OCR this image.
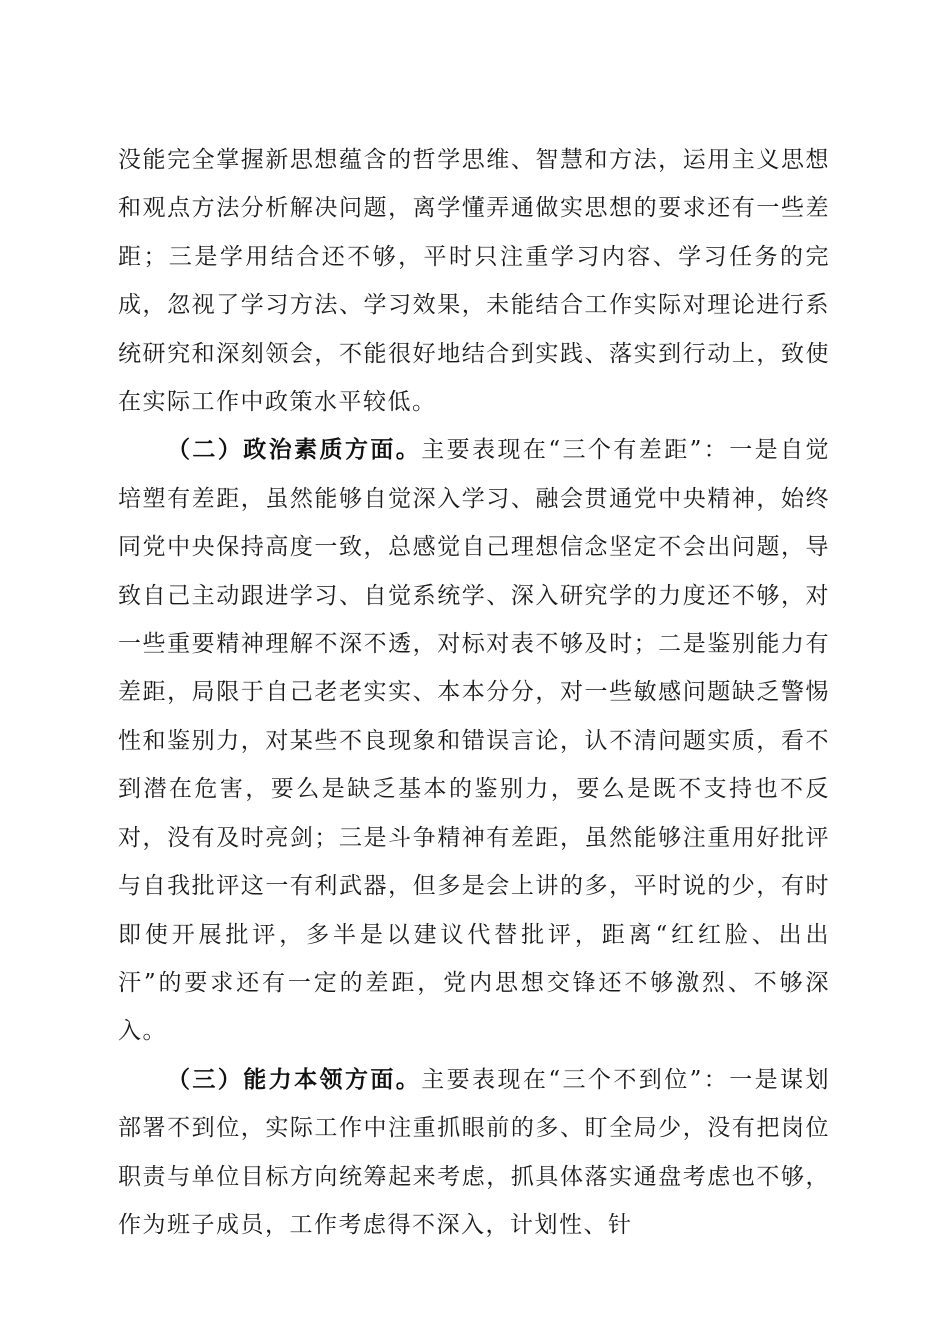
没能完全掌握新思想蕴含的哲学思维、智慧和方法，运用主义思想和观点方法分析解决问题，离学懂弄通做实思想的要求还有一些差距；三是学用结合还不够，平时只注重学习内容、学习任务的完成，忽视了学习方法、学习效果，未能结合工作实际对理论进行系统研究和深刻领会，不能很好地结合到实践、落实到行动上，致使在实际工作中政策水平较低。

（二）政治素质方面。主要表现在“三个有差距”：一是自觉培塑有差距，虽然能够自觉深入学习、融会贯通党中央精神，始终同党中央保持高度一致，总感觉自己理想信念坚定不会出问题，导致自己主动跟进学习、自觉系统学、深入研究学的力度还不够，对一些重要精神理解不深不透，对标对表不够及时；二是鉴别能力有差距，局限于自己老老实实、本本分分，对一些敏感问题缺乏警惕性和鉴别力，对某些不良现象和错误言论，认不清问题实质，看不到潜在危害，要么是缺乏基本的鉴别力，要么是既不支持也不反对，没有及时亮剑；三是斗争精神有差距，虽然能够注重用好批评与自我批评这一有利武器，但多是会上讲的多，平时说的少，有时即使开展批评，多半是以建议代替批评，距离“红红脸、出出汗”的要求还有一定的差距，党内思想交锋还不够激烈、不够深入。

（三）能力本领方面。主要表现在“三个不到位”：一是谋划部署不到位，实际工作中注重抓眼前的多、盯全局少，没有把岗位职责与单位目标方向统筹起来考虑，抓具体落实通盘考虑也不够，作为班子成员，工作考虑得不深入，计划性、针
